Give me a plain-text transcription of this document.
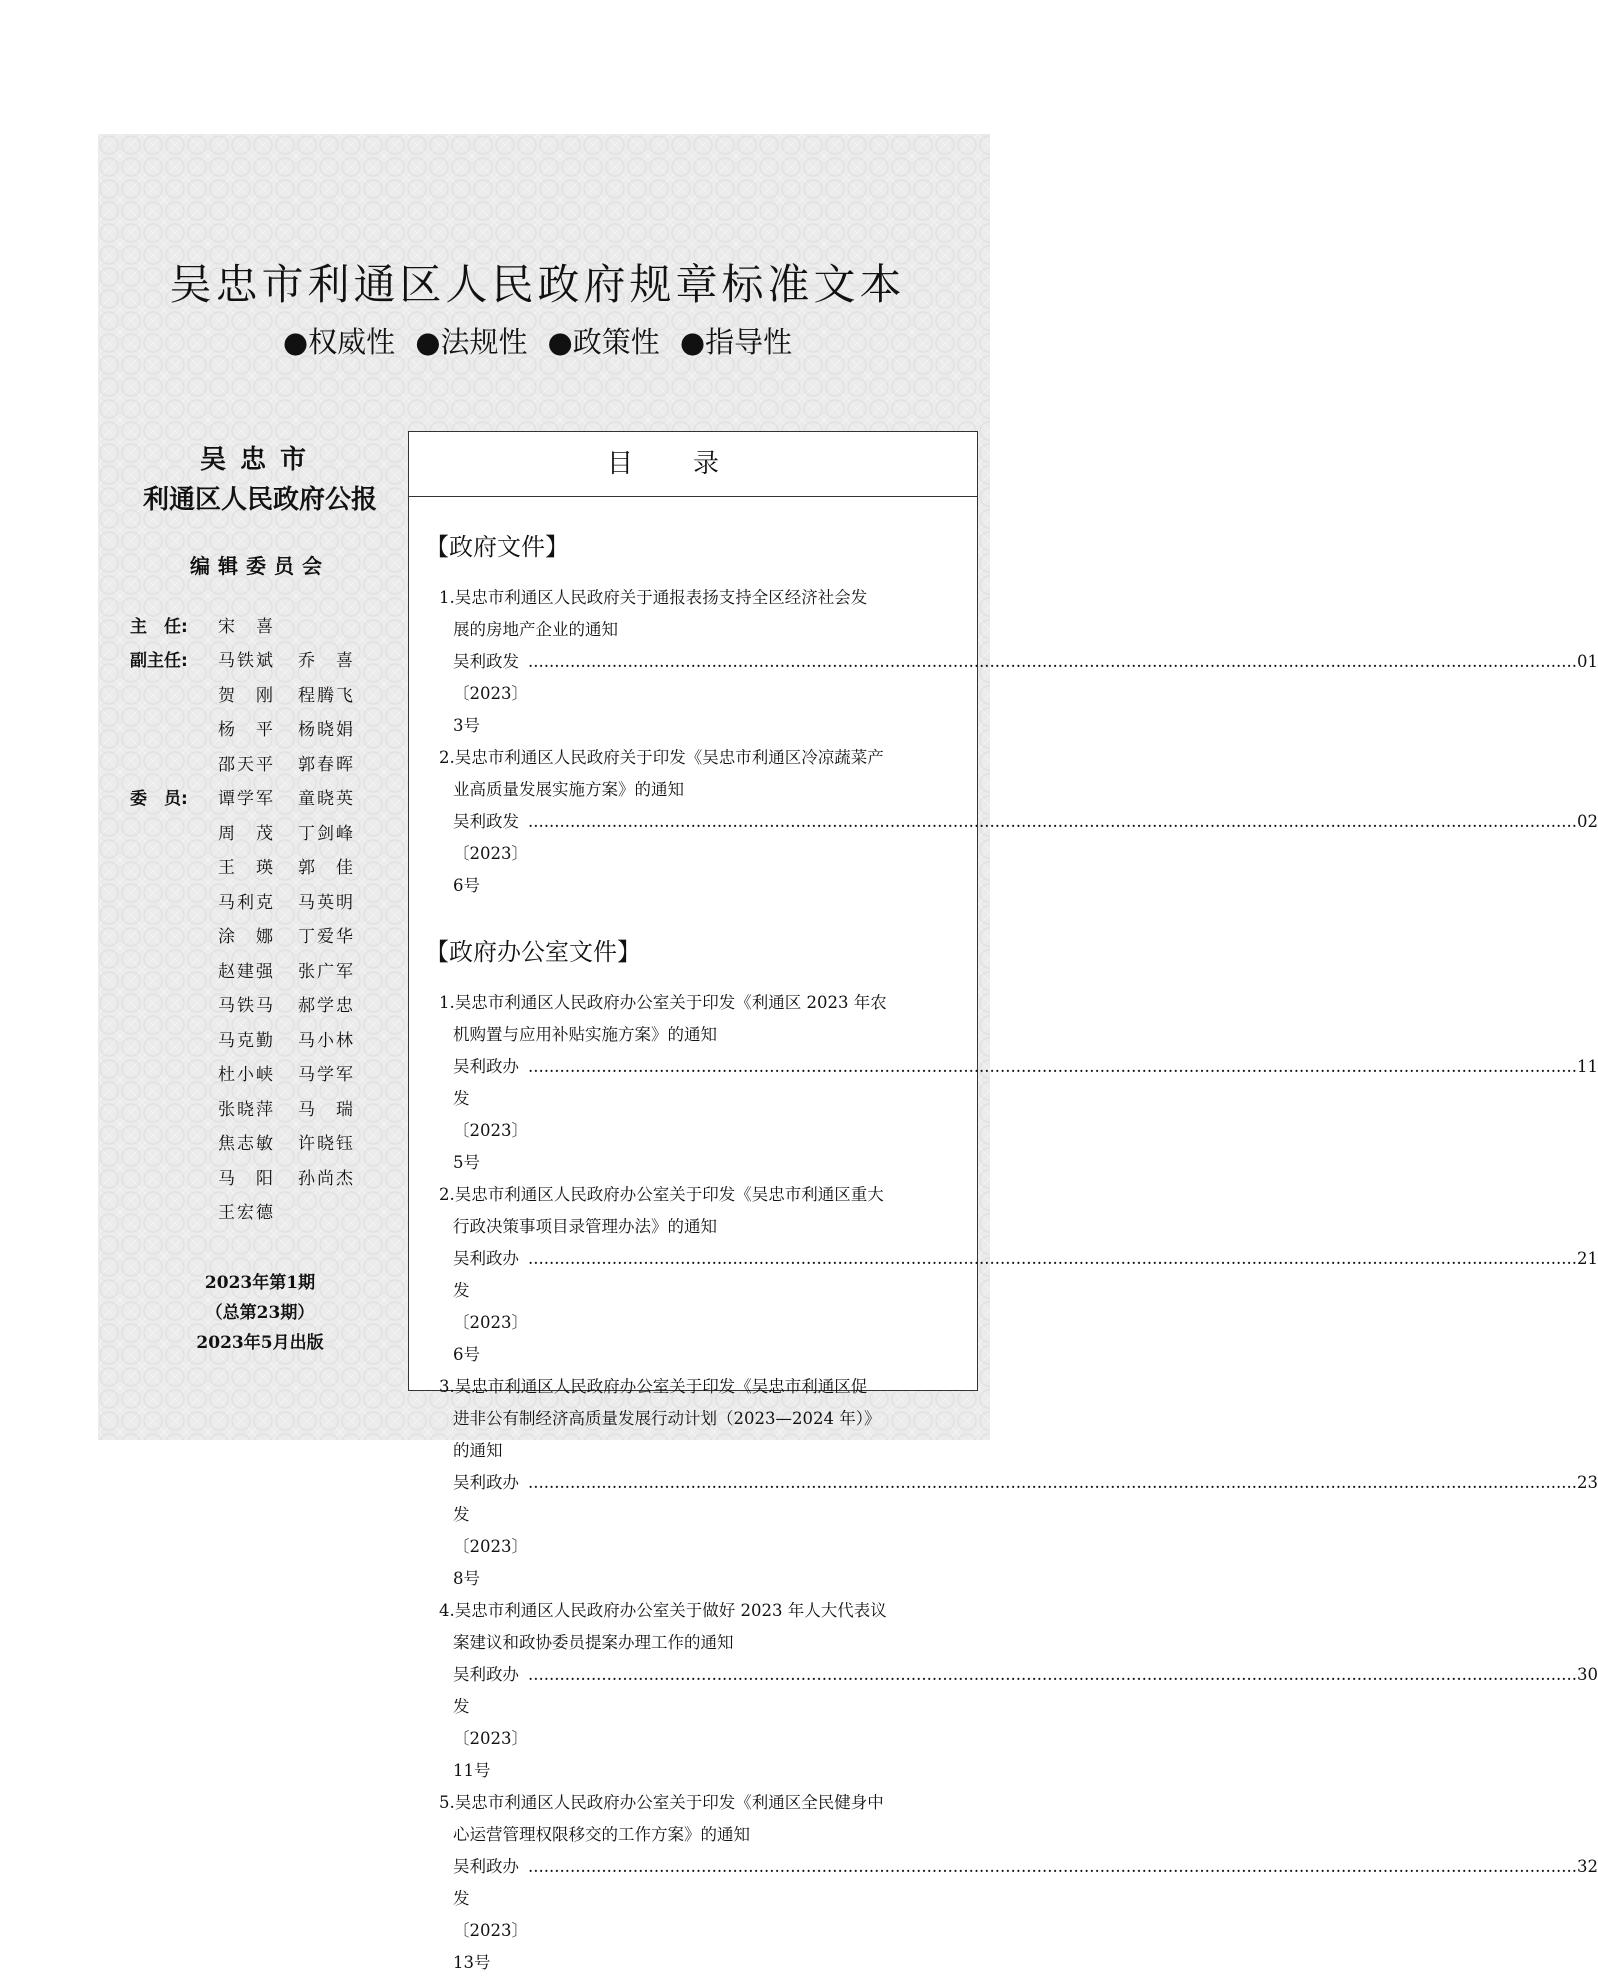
吴忠市利通区人民政府规章标准文本
●权威性 ●法规性 ●政策性 ●指导性
吴忠市
利通区人民政府公报
编辑委员会
主　任:	宋　喜
副主任:	马铁斌	乔　喜
贺　刚	程腾飞
杨　平	杨晓娟
邵天平	郭春晖
委　员:	谭学军	童晓英
周　茂	丁剑峰
王　瑛	郭　佳
马利克	马英明
涂　娜	丁爱华
赵建强	张广军
马铁马	郝学忠
马克勤	马小林
杜小峡	马学军
张晓萍	马　瑞
焦志敏	许晓钰
马　阳	孙尚杰
王宏德
2023年第1期
（总第23期）
2023年5月出版
目录
【政府文件】
1.吴忠市利通区人民政府关于通报表扬支持全区经济社会发
展的房地产企业的通知
吴利政发〔2023〕3号
........................................................................................................................................................................................................ 01
2.吴忠市利通区人民政府关于印发《吴忠市利通区冷凉蔬菜产
业高质量发展实施方案》的通知
吴利政发〔2023〕6号
........................................................................................................................................................................................................ 02
【政府办公室文件】
1.吴忠市利通区人民政府办公室关于印发《利通区 2023 年农
机购置与应用补贴实施方案》的通知
吴利政办发〔2023〕5号
........................................................................................................................................................................................................ 11
2.吴忠市利通区人民政府办公室关于印发《吴忠市利通区重大
行政决策事项目录管理办法》的通知
吴利政办发〔2023〕6号
........................................................................................................................................................................................................ 21
3.吴忠市利通区人民政府办公室关于印发《吴忠市利通区促
进非公有制经济高质量发展行动计划（2023—2024 年）》
的通知
吴利政办发〔2023〕8号
........................................................................................................................................................................................................ 23
4.吴忠市利通区人民政府办公室关于做好 2023 年人大代表议
案建议和政协委员提案办理工作的通知
吴利政办发〔2023〕11号
........................................................................................................................................................................................................ 30
5.吴忠市利通区人民政府办公室关于印发《利通区全民健身中
心运营管理权限移交的工作方案》的通知
吴利政办发〔2023〕13号
........................................................................................................................................................................................................ 32
